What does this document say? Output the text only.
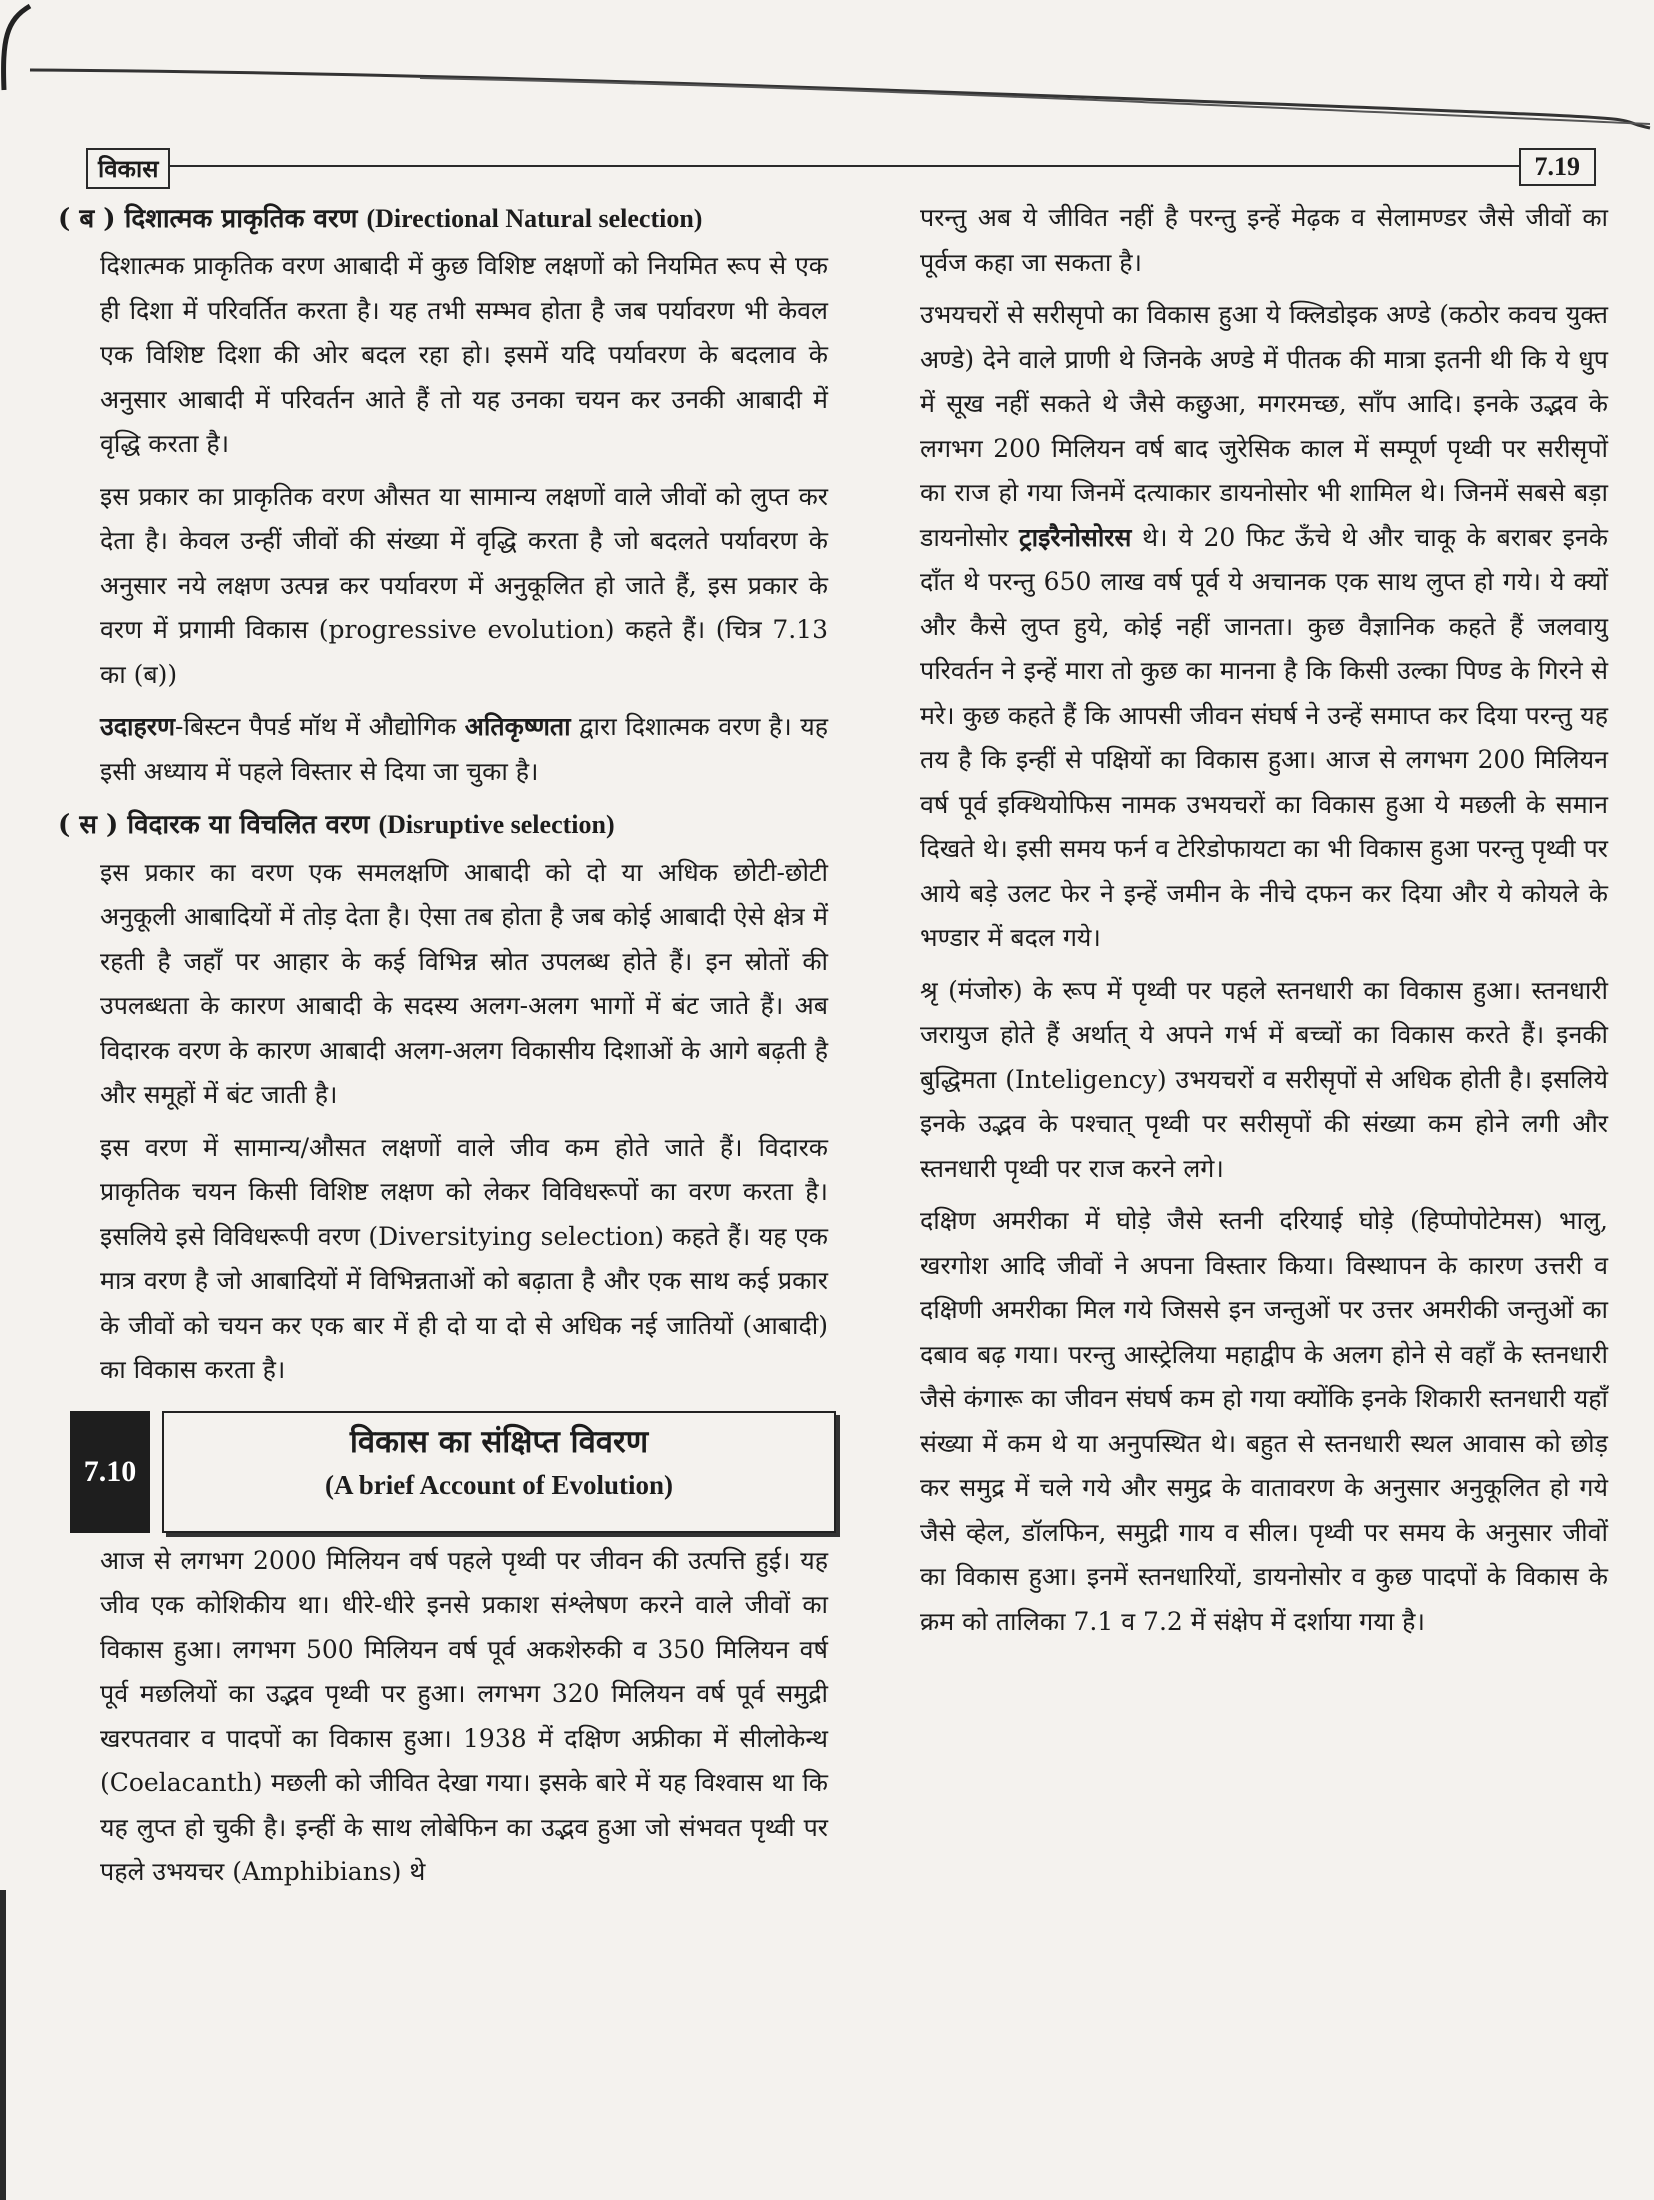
विकास	7.19
( ब ) दिशात्मक प्राकृतिक वरण (Directional Natural selection)

दिशात्मक प्राकृतिक वरण आबादी में कुछ विशिष्ट लक्षणों को नियमित रूप से एक ही दिशा में परिवर्तित करता है। यह तभी सम्भव होता है जब पर्यावरण भी केवल एक विशिष्ट दिशा की ओर बदल रहा हो। इसमें यदि पर्यावरण के बदलाव के अनुसार आबादी में परिवर्तन आते हैं तो यह उनका चयन कर उनकी आबादी में वृद्धि करता है।

इस प्रकार का प्राकृतिक वरण औसत या सामान्य लक्षणों वाले जीवों को लुप्त कर देता है। केवल उन्हीं जीवों की संख्या में वृद्धि करता है जो बदलते पर्यावरण के अनुसार नये लक्षण उत्पन्न कर पर्यावरण में अनुकूलित हो जाते हैं, इस प्रकार के वरण में प्रगामी विकास (progressive evolution) कहते हैं। (चित्र 7.13 का (ब))

उदाहरण-बिस्टन पैपर्ड मॉथ में औद्योगिक अतिकृष्णता द्वारा दिशात्मक वरण है। यह इसी अध्याय में पहले विस्तार से दिया जा चुका है।

( स ) विदारक या विचलित वरण (Disruptive selection)

इस प्रकार का वरण एक समलक्षणि आबादी को दो या अधिक छोटी-छोटी अनुकूली आबादियों में तोड़ देता है। ऐसा तब होता है जब कोई आबादी ऐसे क्षेत्र में रहती है जहाँ पर आहार के कई विभिन्न स्रोत उपलब्ध होते हैं। इन स्रोतों की उपलब्धता के कारण आबादी के सदस्य अलग-अलग भागों में बंट जाते हैं। अब विदारक वरण के कारण आबादी अलग-अलग विकासीय दिशाओं के आगे बढ़ती है और समूहों में बंट जाती है।

इस वरण में सामान्य/औसत लक्षणों वाले जीव कम होते जाते हैं। विदारक प्राकृतिक चयन किसी विशिष्ट लक्षण को लेकर विविधरूपों का वरण करता है। इसलिये इसे विविधरूपी वरण (Diversitying selection) कहते हैं। यह एक मात्र वरण है जो आबादियों में विभिन्नताओं को बढ़ाता है और एक साथ कई प्रकार के जीवों को चयन कर एक बार में ही दो या दो से अधिक नई जातियों (आबादी) का विकास करता है।

7.10
विकास का संक्षिप्त विवरण
(A brief Account of Evolution)

आज से लगभग 2000 मिलियन वर्ष पहले पृथ्वी पर जीवन की उत्पत्ति हुई। यह जीव एक कोशिकीय था। धीरे-धीरे इनसे प्रकाश संश्लेषण करने वाले जीवों का विकास हुआ। लगभग 500 मिलियन वर्ष पूर्व अकशेरुकी व 350 मिलियन वर्ष पूर्व मछलियों का उद्भव पृथ्वी पर हुआ। लगभग 320 मिलियन वर्ष पूर्व समुद्री खरपतवार व पादपों का विकास हुआ। 1938 में दक्षिण अफ्रीका में सीलोकेन्थ (Coelacanth) मछली को जीवित देखा गया। इसके बारे में यह विश्वास था कि यह लुप्त हो चुकी है। इन्हीं के साथ लोबेफिन का उद्भव हुआ जो संभवत पृथ्वी पर पहले उभयचर (Amphibians) थे

परन्तु अब ये जीवित नहीं है परन्तु इन्हें मेढ़क व सेलामण्डर जैसे जीवों का पूर्वज कहा जा सकता है।

उभयचरों से सरीसृपो का विकास हुआ ये क्लिडोइक अण्डे (कठोर कवच युक्त अण्डे) देने वाले प्राणी थे जिनके अण्डे में पीतक की मात्रा इतनी थी कि ये धुप में सूख नहीं सकते थे जैसे कछुआ, मगरमच्छ, साँप आदि। इनके उद्भव के लगभग 200 मिलियन वर्ष बाद जुरेसिक काल में सम्पूर्ण पृथ्वी पर सरीसृपों का राज हो गया जिनमें दत्याकार डायनोसोर भी शामिल थे। जिनमें सबसे बड़ा डायनोसोर ट्राइरैनोसोरस थे। ये 20 फिट ऊँचे थे और चाकू के बराबर इनके दाँत थे परन्तु 650 लाख वर्ष पूर्व ये अचानक एक साथ लुप्त हो गये। ये क्यों और कैसे लुप्त हुये, कोई नहीं जानता। कुछ वैज्ञानिक कहते हैं जलवायु परिवर्तन ने इन्हें मारा तो कुछ का मानना है कि किसी उल्का पिण्ड के गिरने से मरे। कुछ कहते हैं कि आपसी जीवन संघर्ष ने उन्हें समाप्त कर दिया परन्तु यह तय है कि इन्हीं से पक्षियों का विकास हुआ। आज से लगभग 200 मिलियन वर्ष पूर्व इक्थियोफिस नामक उभयचरों का विकास हुआ ये मछली के समान दिखते थे। इसी समय फर्न व टेरिडोफायटा का भी विकास हुआ परन्तु पृथ्वी पर आये बड़े उलट फेर ने इन्हें जमीन के नीचे दफन कर दिया और ये कोयले के भण्डार में बदल गये।

श्रृ (मंजोरु) के रूप में पृथ्वी पर पहले स्तनधारी का विकास हुआ। स्तनधारी जरायुज होते हैं अर्थात् ये अपने गर्भ में बच्चों का विकास करते हैं। इनकी बुद्धिमता (Inteligency) उभयचरों व सरीसृपों से अधिक होती है। इसलिये इनके उद्भव के पश्चात् पृथ्वी पर सरीसृपों की संख्या कम होने लगी और स्तनधारी पृथ्वी पर राज करने लगे।

दक्षिण अमरीका में घोड़े जैसे स्तनी दरियाई घोड़े (हिप्पोपोटेमस) भालु, खरगोश आदि जीवों ने अपना विस्तार किया। विस्थापन के कारण उत्तरी व दक्षिणी अमरीका मिल गये जिससे इन जन्तुओं पर उत्तर अमरीकी जन्तुओं का दबाव बढ़ गया। परन्तु आस्ट्रेलिया महाद्वीप के अलग होने से वहाँ के स्तनधारी जैसे कंगारू का जीवन संघर्ष कम हो गया क्योंकि इनके शिकारी स्तनधारी यहाँ संख्या में कम थे या अनुपस्थित थे। बहुत से स्तनधारी स्थल आवास को छोड़ कर समुद्र में चले गये और समुद्र के वातावरण के अनुसार अनुकूलित हो गये जैसे व्हेल, डॉलफिन, समुद्री गाय व सील। पृथ्वी पर समय के अनुसार जीवों का विकास हुआ। इनमें स्तनधारियों, डायनोसोर व कुछ पादपों के विकास के क्रम को तालिका 7.1 व 7.2 में संक्षेप में दर्शाया गया है।
